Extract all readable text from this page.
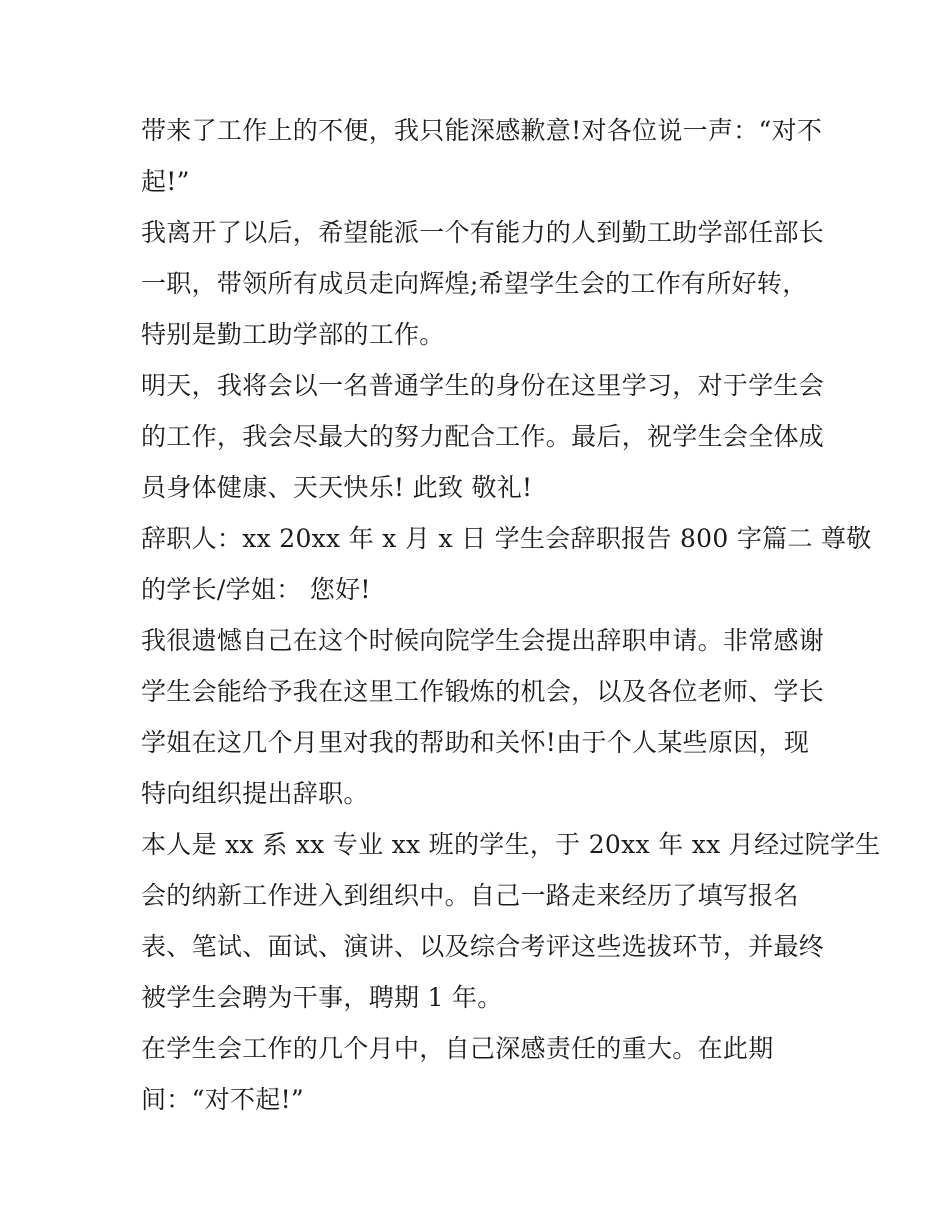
带来了工作上的不便，我只能深感歉意!对各位说一声：“对不
起!”
我离开了以后，希望能派一个有能力的人到勤工助学部任部长
一职，带领所有成员走向辉煌;希望学生会的工作有所好转，
特别是勤工助学部的工作。
明天，我将会以一名普通学生的身份在这里学习，对于学生会
的工作，我会尽最大的努力配合工作。最后，祝学生会全体成
员身体健康、天天快乐! 此致 敬礼!
辞职人：xx 20xx 年 x 月 x 日 学生会辞职报告 800 字篇二 尊敬
的学长/学姐： 您好!
我很遗憾自己在这个时候向院学生会提出辞职申请。非常感谢
学生会能给予我在这里工作锻炼的机会，以及各位老师、学长
学姐在这几个月里对我的帮助和关怀!由于个人某些原因，现
特向组织提出辞职。
本人是 xx 系 xx 专业 xx 班的学生，于 20xx 年 xx 月经过院学生
会的纳新工作进入到组织中。自己一路走来经历了填写报名
表、笔试、面试、演讲、以及综合考评这些选拔环节，并最终
被学生会聘为干事，聘期 1 年。
在学生会工作的几个月中，自己深感责任的重大。在此期
间：“对不起!”
